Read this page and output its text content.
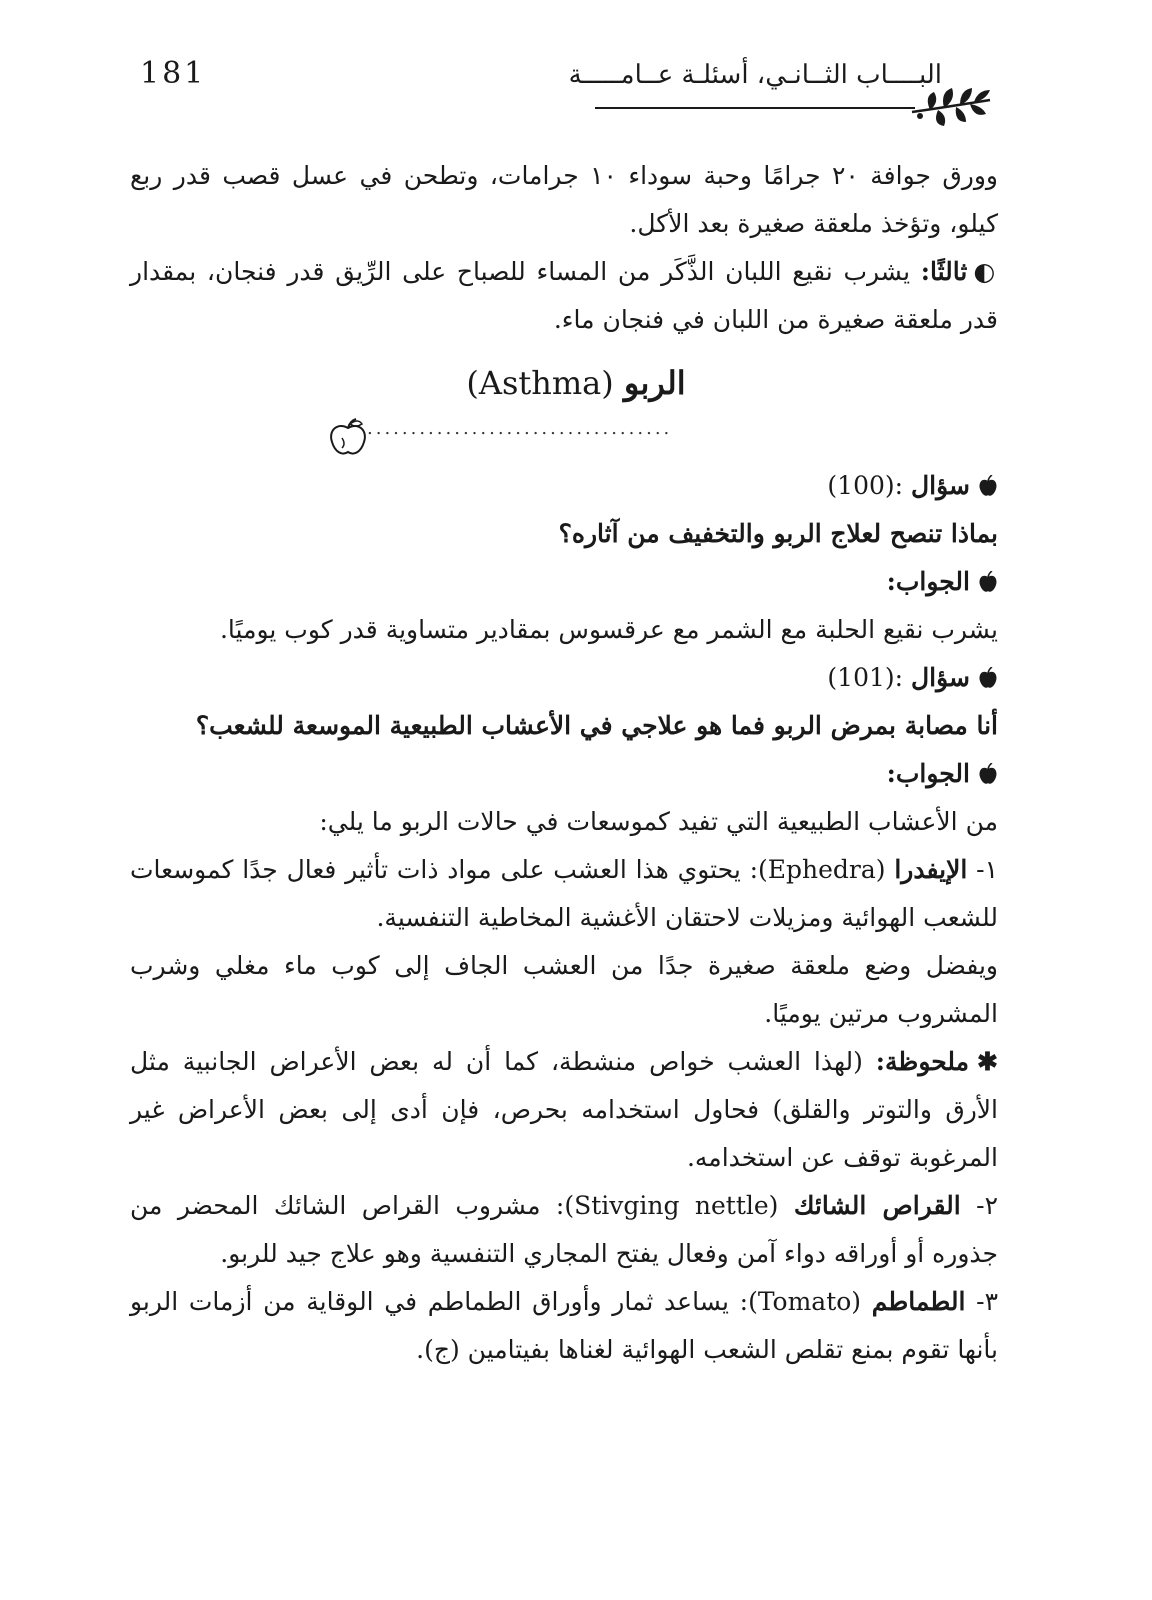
181	البــــاب الثــانـي، أسئلـة عــامـــــة

وورق جوافة ٢٠ جرامًا وحبة سوداء ١٠ جرامات، وتطحن في عسل قصب قدر ربع كيلو، وتؤخذ ملعقة صغيرة بعد الأكل.

◐ثالثًا: يشرب نقيع اللبان الذَّكَر من المساء للصباح على الرِّيق قدر فنجان، بمقدار قدر ملعقة صغيرة من اللبان في فنجان ماء.

الربو (Asthma)
...................................

سؤال (100):

بماذا تنصح لعلاج الربو والتخفيف من آثاره؟

الجواب:

يشرب نقيع الحلبة مع الشمر مع عرقسوس بمقادير متساوية قدر كوب يوميًا.

سؤال (101):

أنا مصابة بمرض الربو فما هو علاجي في الأعشاب الطبيعية الموسعة للشعب؟

الجواب:

من الأعشاب الطبيعية التي تفيد كموسعات في حالات الربو ما يلي:

١- الإيفدرا (Ephedra): يحتوي هذا العشب على مواد ذات تأثير فعال جدًا كموسعات للشعب الهوائية ومزيلات لاحتقان الأغشية المخاطية التنفسية.

ويفضل وضع ملعقة صغيرة جدًا من العشب الجاف إلى كوب ماء مغلي وشرب المشروب مرتين يوميًا.

✱ملحوظة: (لهذا العشب خواص منشطة، كما أن له بعض الأعراض الجانبية مثل الأرق والتوتر والقلق) فحاول استخدامه بحرص، فإن أدى إلى بعض الأعراض غير المرغوبة توقف عن استخدامه.

٢- القراص الشائك (Stivging nettle): مشروب القراص الشائك المحضر من جذوره أو أوراقه دواء آمن وفعال يفتح المجاري التنفسية وهو علاج جيد للربو.

٣- الطماطم (Tomato): يساعد ثمار وأوراق الطماطم في الوقاية من أزمات الربو بأنها تقوم بمنع تقلص الشعب الهوائية لغناها بفيتامين (ج).
